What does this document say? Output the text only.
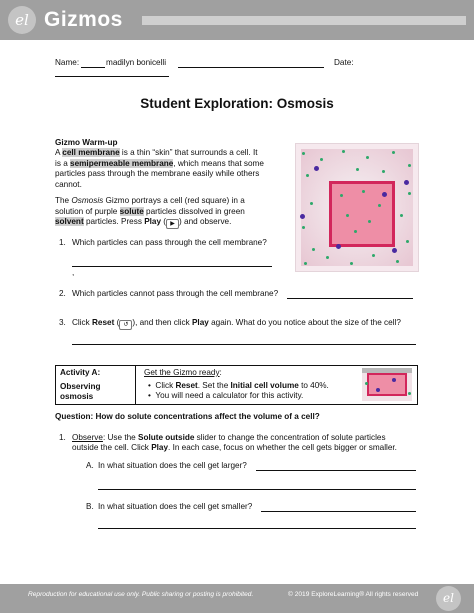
el Gizmos
Name:	madilyn bonicelli	Date:
Student Exploration: Osmosis
Gizmo Warm-up
A cell membrane is a thin “skin” that surrounds a cell. It
is a semipermeable membrane, which means that some
particles pass through the membrane easily while others
cannot.
The Osmosis Gizmo portrays a cell (red square) in a
solution of purple solute particles dissolved in green
solvent particles. Press Play ( ▶ ) and observe.
1. Which particles can pass through the cell membrane?
,
2. Which particles cannot pass through the cell membrane?
3. Click Reset ( ↺ ), and then click Play again. What do you notice about the size of the cell?
Activity A:
Observing
osmosis
Get the Gizmo ready:
•  Click Reset. Set the Initial cell volume to 40%.
•  You will need a calculator for this activity.
Question: How do solute concentrations affect the volume of a cell?
1. Observe: Use the Solute outside slider to change the concentration of solute particles
outside the cell. Click Play. In each case, focus on whether the cell gets bigger or smaller.
A. In what situation does the cell get larger?
B. In what situation does the cell get smaller?
Reproduction for educational use only. Public sharing or posting is prohibited.	© 2019 ExploreLearning® All rights reserved	el
